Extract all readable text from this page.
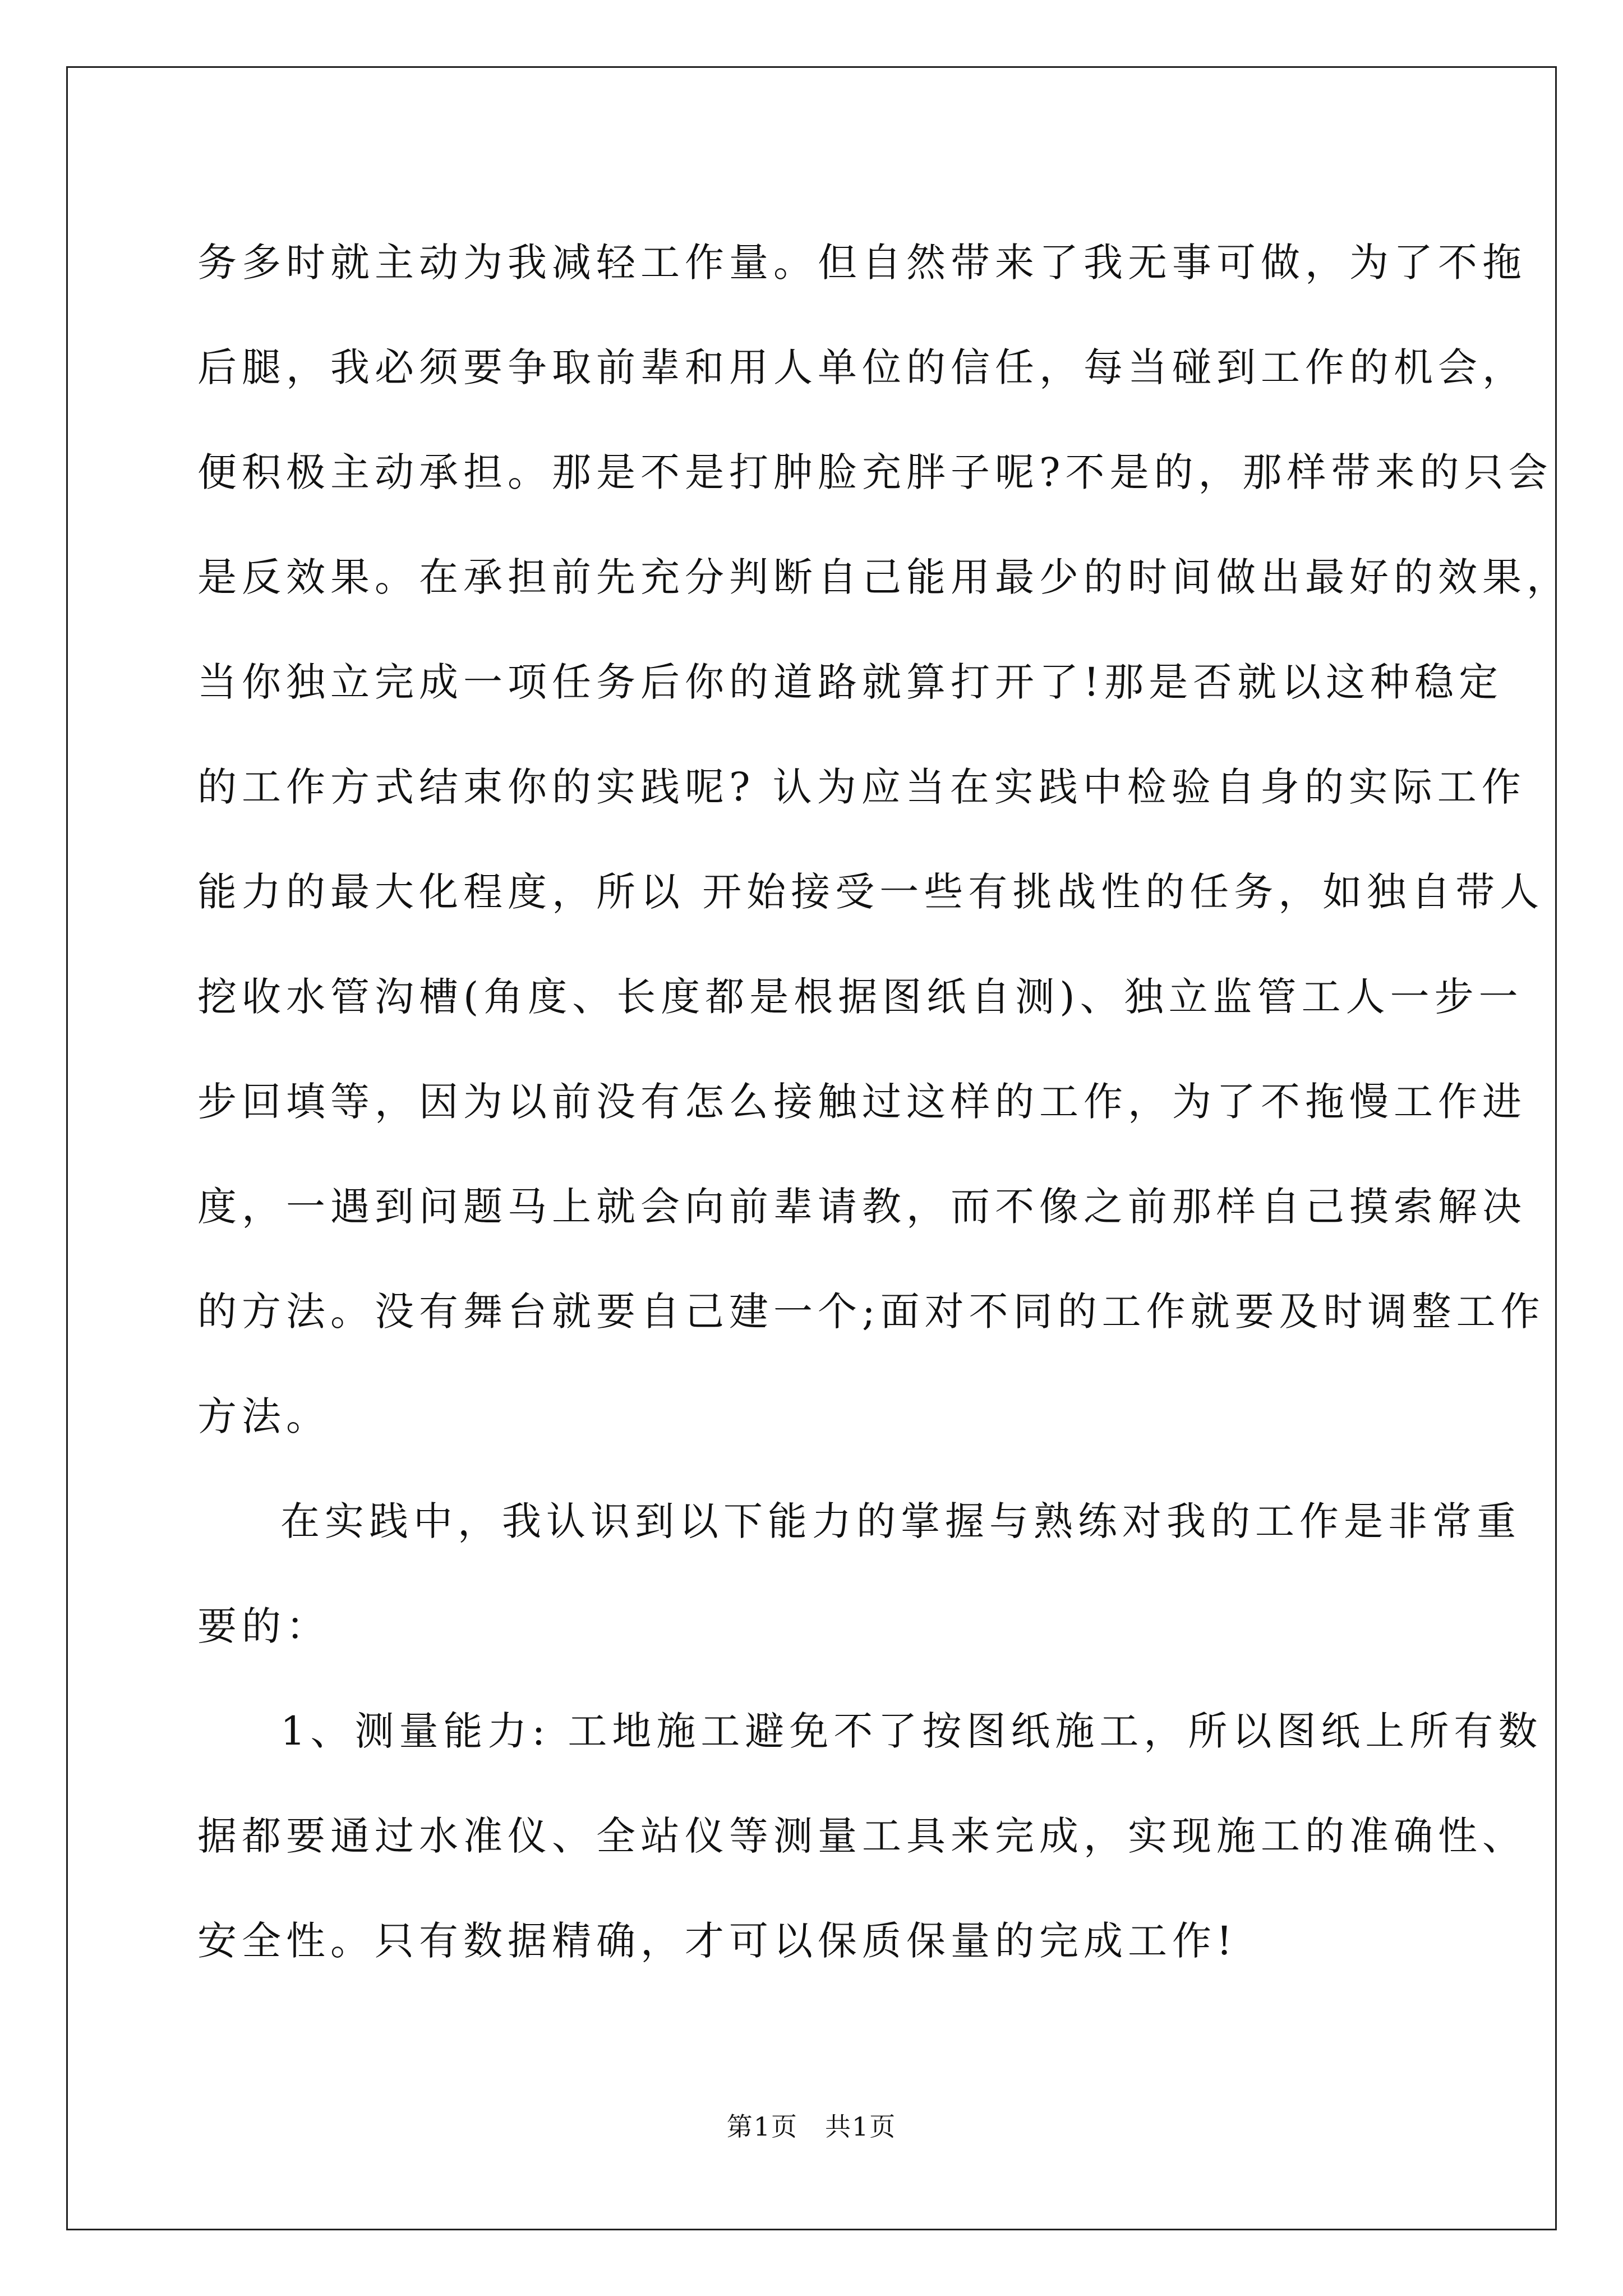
务多时就主动为我减轻工作量。但自然带来了我无事可做，为了不拖
后腿，我必须要争取前辈和用人单位的信任，每当碰到工作的机会，
便积极主动承担。那是不是打肿脸充胖子呢?不是的，那样带来的只会
是反效果。在承担前先充分判断自己能用最少的时间做出最好的效果，
当你独立完成一项任务后你的道路就算打开了!那是否就以这种稳定
的工作方式结束你的实践呢? 认为应当在实践中检验自身的实际工作
能力的最大化程度，所以 开始接受一些有挑战性的任务，如独自带人
挖收水管沟槽(角度、长度都是根据图纸自测)、独立监管工人一步一
步回填等，因为以前没有怎么接触过这样的工作，为了不拖慢工作进
度，一遇到问题马上就会向前辈请教，而不像之前那样自己摸索解决
的方法。没有舞台就要自己建一个;面对不同的工作就要及时调整工作
方法。
在实践中，我认识到以下能力的掌握与熟练对我的工作是非常重
要的：
1、测量能力: 工地施工避免不了按图纸施工，所以图纸上所有数
据都要通过水准仪、全站仪等测量工具来完成，实现施工的准确性、
安全性。只有数据精确，才可以保质保量的完成工作!
第1页　共1页
